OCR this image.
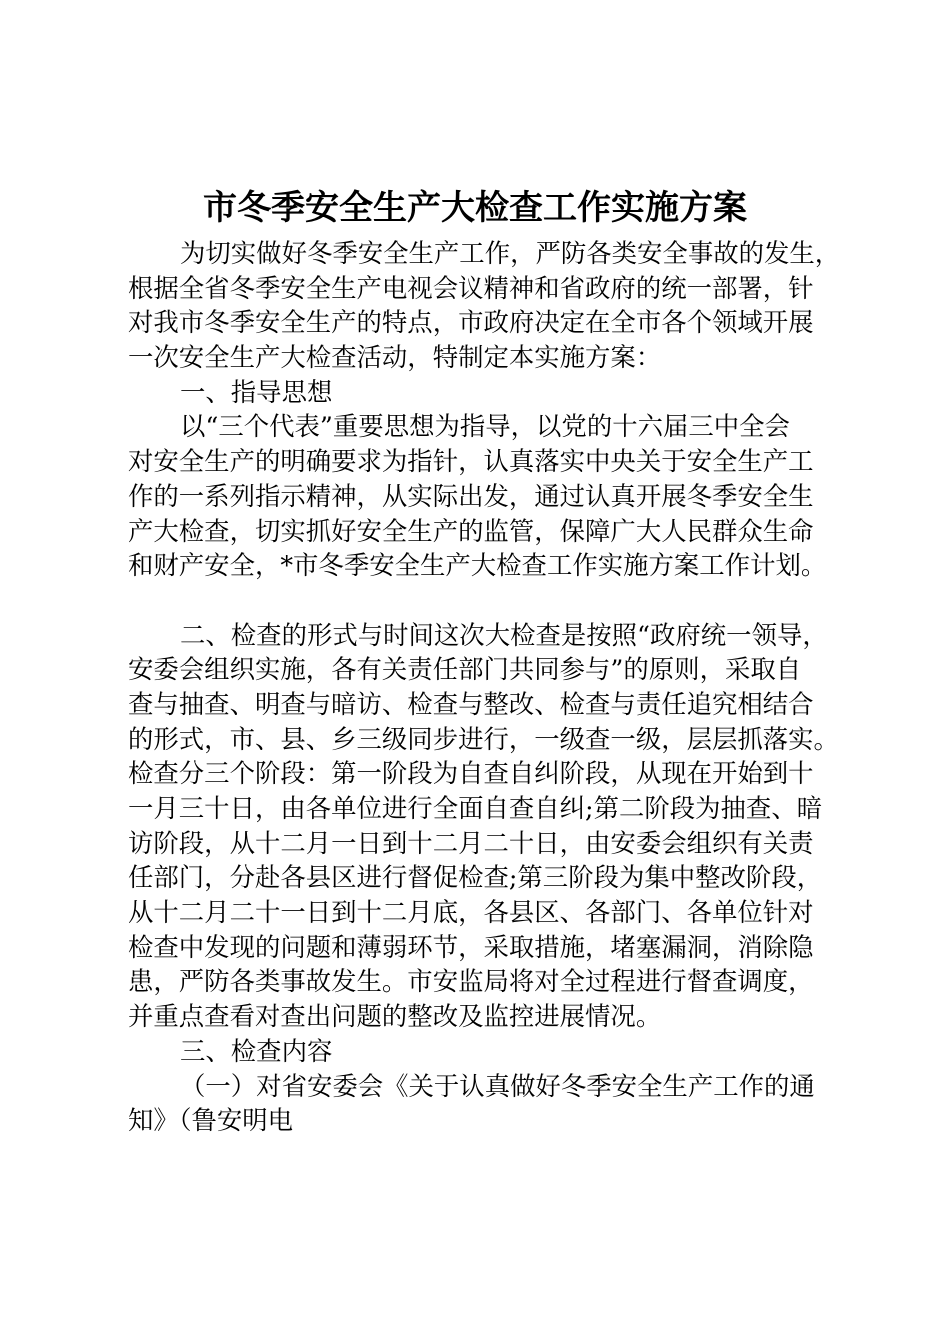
市冬季安全生产大检查工作实施方案
为切实做好冬季安全生产工作，严防各类安全事故的发生，
根据全省冬季安全生产电视会议精神和省政府的统一部署，针
对我市冬季安全生产的特点，市政府决定在全市各个领域开展
一次安全生产大检查活动，特制定本实施方案：
一、指导思想
以“三个代表”重要思想为指导，以党的十六届三中全会
对安全生产的明确要求为指针，认真落实中央关于安全生产工
作的一系列指示精神，从实际出发，通过认真开展冬季安全生
产大检查，切实抓好安全生产的监管，保障广大人民群众生命
和财产安全，*市冬季安全生产大检查工作实施方案工作计划。
二、检查的形式与时间这次大检查是按照“政府统一领导，
安委会组织实施，各有关责任部门共同参与”的原则，采取自
查与抽查、明查与暗访、检查与整改、检查与责任追究相结合
的形式，市、县、乡三级同步进行，一级查一级，层层抓落实。
检查分三个阶段：第一阶段为自查自纠阶段，从现在开始到十
一月三十日，由各单位进行全面自查自纠;第二阶段为抽查、暗
访阶段，从十二月一日到十二月二十日，由安委会组织有关责
任部门，分赴各县区进行督促检查;第三阶段为集中整改阶段，
从十二月二十一日到十二月底，各县区、各部门、各单位针对
检查中发现的问题和薄弱环节，采取措施，堵塞漏洞，消除隐
患，严防各类事故发生。市安监局将对全过程进行督查调度，
并重点查看对查出问题的整改及监控进展情况。
三、检查内容
（一）对省安委会《关于认真做好冬季安全生产工作的通
知》（鲁安明电
